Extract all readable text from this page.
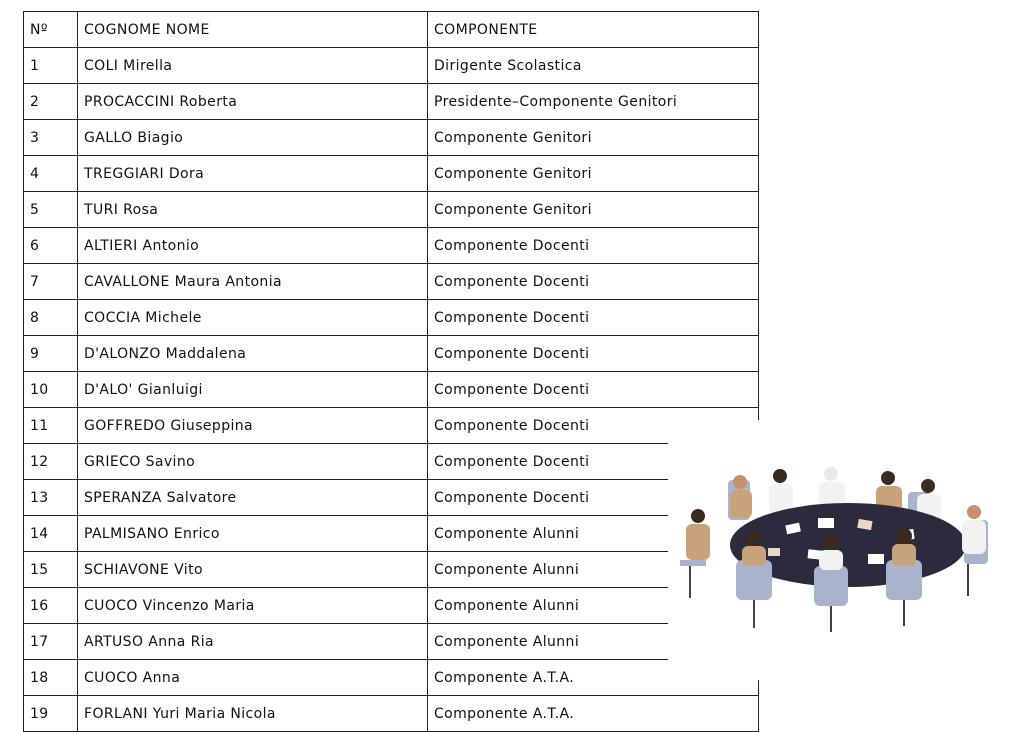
Nº	COGNOME NOME	COMPONENTE
1	COLI Mirella	Dirigente Scolastica
2	PROCACCINI Roberta	Presidente–Componente Genitori
3	GALLO Biagio	Componente Genitori
4	TREGGIARI Dora	Componente Genitori
5	TURI Rosa	Componente Genitori
6	ALTIERI Antonio	Componente Docenti
7	CAVALLONE Maura Antonia	Componente Docenti
8	COCCIA Michele	Componente Docenti
9	D'ALONZO Maddalena	Componente Docenti
10	D'ALO' Gianluigi	Componente Docenti
11	GOFFREDO Giuseppina	Componente Docenti
12	GRIECO Savino	Componente Docenti
13	SPERANZA Salvatore	Componente Docenti
14	PALMISANO Enrico	Componente Alunni
15	SCHIAVONE Vito	Componente Alunni
16	CUOCO Vincenzo Maria	Componente Alunni
17	ARTUSO Anna Ria	Componente Alunni
18	CUOCO Anna	Componente A.T.A.
19	FORLANI Yuri Maria Nicola	Componente A.T.A.
